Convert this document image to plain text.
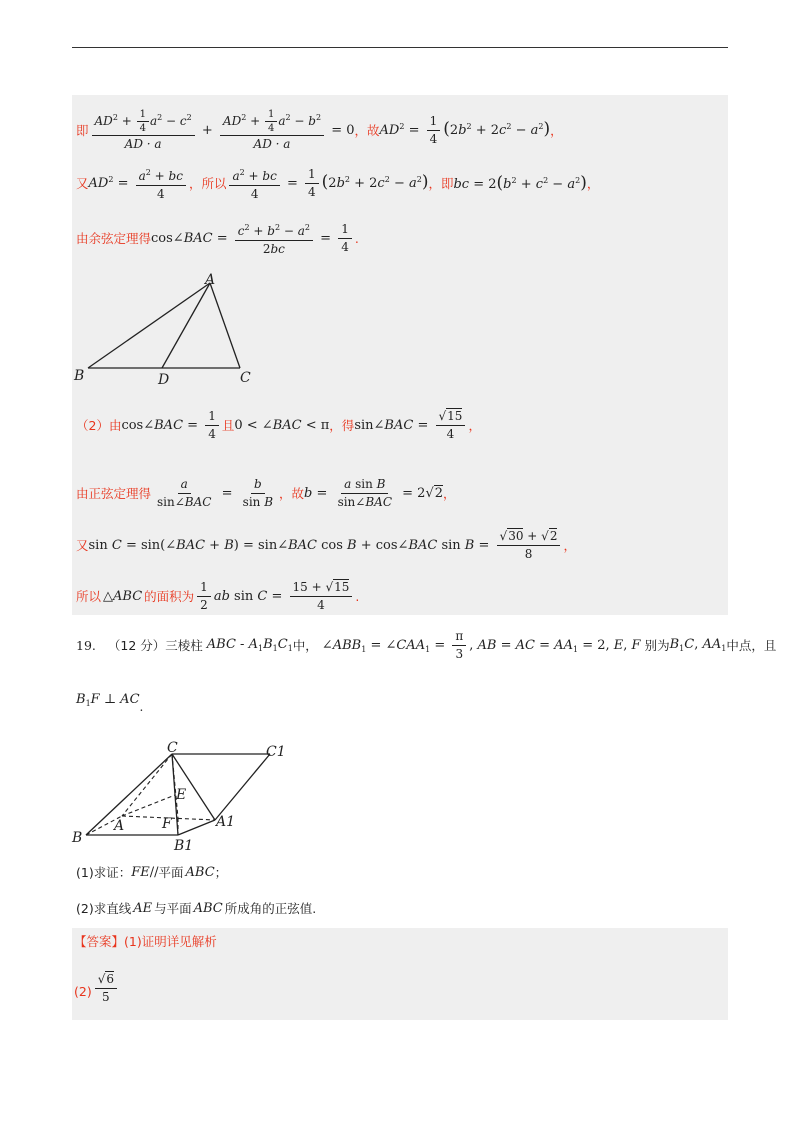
即 $\frac{AD^2 + \frac{1}{4} a^2 - c^2}{AD \cdot a} + \frac{AD^2 + \frac{1}{4} a^2 - b^2}{AD \cdot a} = 0$ ，故 $AD^2 = \frac{1}{4} (2b^2 + 2c^2 - a^2)$ ，
又 $AD^2 = \frac{a^2 + bc}{4}$ ，所以 $\frac{a^2 + bc}{4} = \frac{1}{4} (2b^2 + 2c^2 - a^2)$ ，即 bc = $2(b^2 + c^2 - a^2)$ ，
由余弦定理得 cos∠BAC = $\frac{c^2 + b^2 - a^2}{2bc} = \frac{1}{4}$ .
A
B	C
D
（2）由 cos∠BAC = $\frac{1}{4}$ 且 0 < ∠BAC < π ，得 sin∠BAC = $\frac{√15}{4}$ ，
由正弦定理得 $\frac{a}{\text{sin∠BAC}} = \frac{b}{\text{sin B}}$ ，故 $b = \frac{\text{a sin B}}{\text{sin∠BAC}} = 2√2$ ，
又 sin C = sin(∠BAC + B) = sin∠BAC cos B + cos∠BAC $\sin B = \frac{√30 + √2}{8}$ ，
所以 △ABC 的面积为 $\frac{1}{2}$ ab $\sin C = \frac{15 + √15}{4}$ .
19. （12 分）三棱柱 ABC - $A_1B_1C_1$ 中， $\angle ABB_1$ = $\angle CAA_1 = \frac{\pi}{3}$ , AB = AC = $AA_1 = 2$, E, F 别为 $B_1C$, $AA_1$ 中点，且
$B_1F$ ⊥ AC .
C	C1
E
A	F	A1
B	B1
(1)求证： FE// 平面 ABC ；
(2)求直线 AE 与平面 ABC 所成角的正弦值.
【答案】 (1)证明详见解析
$(2) \frac{√6}{5}$
